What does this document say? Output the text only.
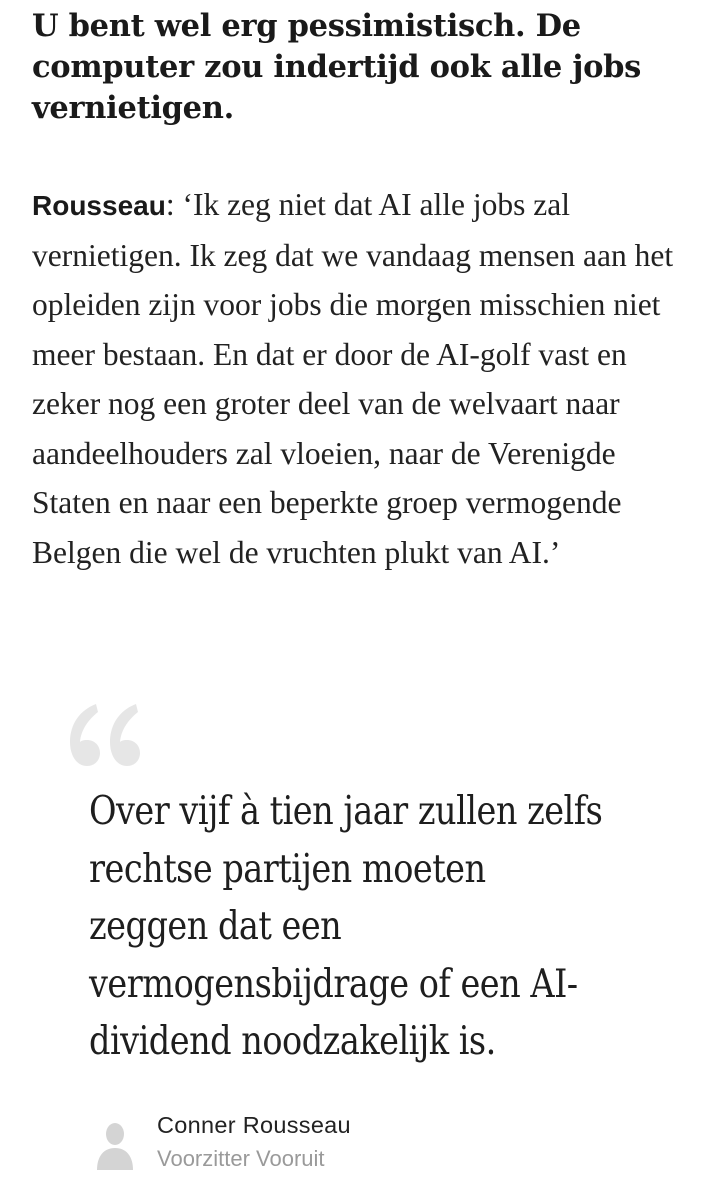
U bent wel erg pessimistisch. De computer zou indertijd ook alle jobs vernietigen.

Rousseau: ‘Ik zeg niet dat AI alle jobs zal vernietigen. Ik zeg dat we vandaag mensen aan het opleiden zijn voor jobs die morgen misschien niet meer bestaan. En dat er door de AI-golf vast en zeker nog een groter deel van de welvaart naar aandeelhouders zal vloeien, naar de Verenigde Staten en naar een beperkte groep vermogende Belgen die wel de vruchten plukt van AI.’

Over vijf à tien jaar zullen zelfs rechtse partijen moeten zeggen dat een vermogensbijdrage of een AI-dividend noodzakelijk is.

Conner Rousseau
Voorzitter Vooruit
